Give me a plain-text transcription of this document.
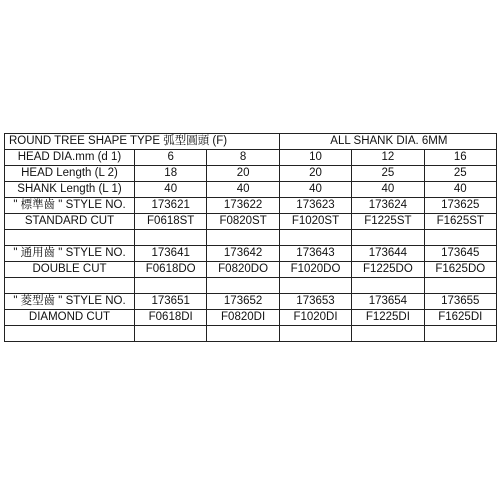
ROUND TREE SHAPE TYPE 弧型圓頭 (F)			ALL SHANK DIA. 6MM		
HEAD DIA.mm (d 1)	6	8	10	12	16
HEAD Length (L 2)	18	20	20	25	25
SHANK Length (L 1)	40	40	40	40	40
" 標準齒 " STYLE NO.	173621	173622	173623	173624	173625
STANDARD CUT	F0618ST	F0820ST	F1020ST	F1225ST	F1625ST

" 通用齒 " STYLE NO.	173641	173642	173643	173644	173645
DOUBLE CUT	F0618DO	F0820DO	F1020DO	F1225DO	F1625DO

" 菱型齒 " STYLE NO.	173651	173652	173653	173654	173655
DIAMOND CUT	F0618DI	F0820DI	F1020DI	F1225DI	F1625DI
